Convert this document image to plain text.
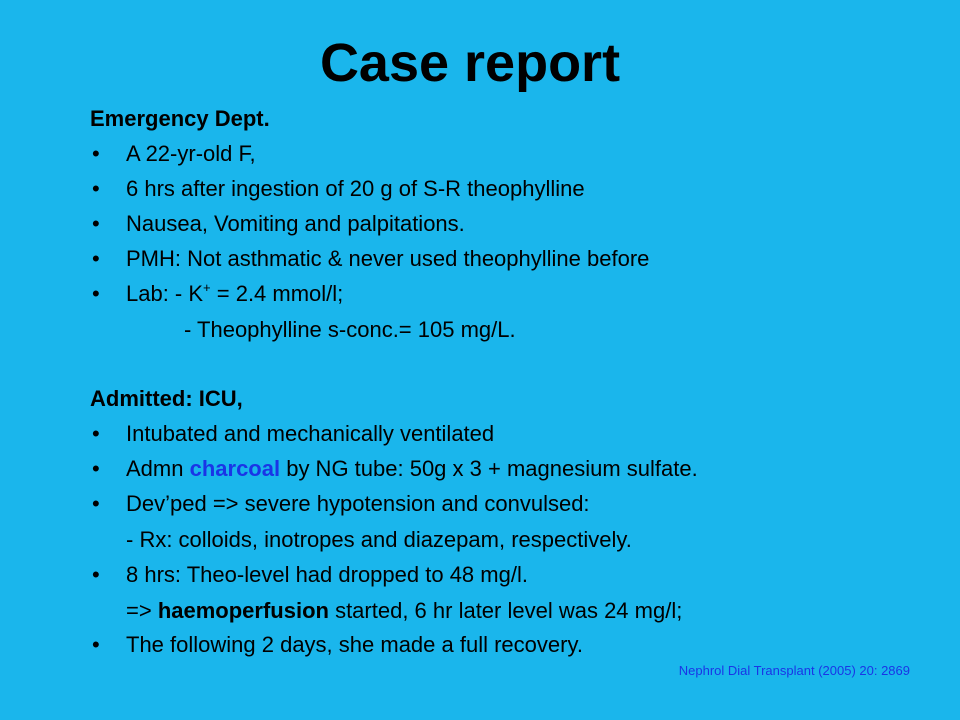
Case report
Emergency Dept.
• A 22-yr-old F,
• 6 hrs after ingestion of 20 g of S-R theophylline
• Nausea, Vomiting and palpitations.
• PMH: Not asthmatic & never used theophylline before
• Lab: - K+ = 2.4 mmol/l;
- Theophylline s-conc.= 105 mg/L.
Admitted: ICU,
• Intubated and mechanically ventilated
• Admn charcoal by NG tube: 50g x 3 + magnesium sulfate.
• Dev’ped => severe hypotension and convulsed:
- Rx: colloids, inotropes and diazepam, respectively.
• 8 hrs: Theo-level had dropped to 48 mg/l.
=> haemoperfusion started, 6 hr later level was 24 mg/l;
• The following 2 days, she made a full recovery.
Nephrol Dial Transplant (2005) 20: 2869
